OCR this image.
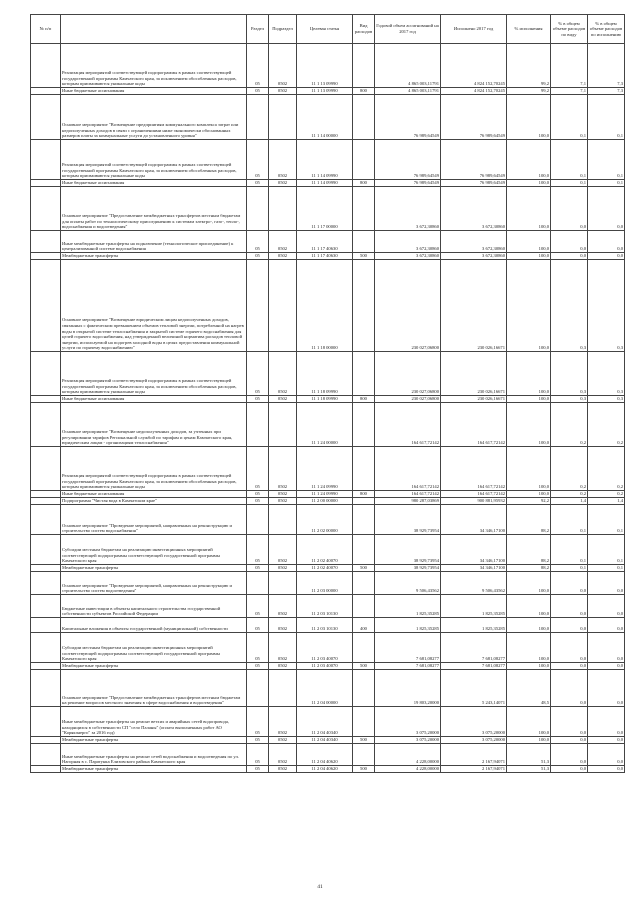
№ п/п		Раздел	Подраздел	Целевая статья	Вид расходов	Годовой объем ассигнований на 2017 год	Исполнено 2017 год	% исполнения	% в общем объеме расходов по виду	% в общем объеме расходов по исполнению
	Реализация мероприятий соответствующей подпрограммы в рамках соответствующей государственной программы Камчатского края, за исключением обособленных расходов, которым присваиваются уникальные коды	05	0502	11 1 13 09990		4 865 003,11791	4 824 152,70245	99,2	7,1	7,3
	Иные бюджетные ассигнования	05	0502	11 1 13 09990	800	4 865 003,11791	4 824 152,70245	99,2	7,1	7,3
	Основное мероприятие "Возмещение предприятиям коммунального комплекса затрат или недополученных доходов в связи с ограничениями ниже экономически обоснованных размеров платы за коммунальные услуги до установленного уровня"			11 1 14 00000		76 989,64549	76 989,64549	100,0	0,1	0,1
	Реализация мероприятий соответствующей подпрограммы в рамках соответствующей государственной программы Камчатского края, за исключением обособленных расходов, которым присваиваются уникальные коды	05	0502	11 1 14 09990		76 989,64549	76 989,64549	100,0	0,1	0,1
	Иные бюджетные ассигнования	05	0502	11 1 14 09990	800	76 989,64549	76 989,64549	100,0	0,1	0,1
	Основное мероприятие "Предоставление межбюджетных трансфертов местным бюджетам для оплаты работ по технологическому присоединению к системам электро-, газо-, тепло-, водоснабжения и водоотведения"			11 1 17 00000		3 672,30860	3 672,30860	100,0	0,0	0,0
	Иные межбюджетные трансферты на подключение (технологическое присоединение) к централизованной системе водоснабжения	05	0502	11 1 17 40630		3 672,30860	3 672,30860	100,0	0,0	0,0
	Межбюджетные трансферты	05	0502	11 1 17 40630	500	3 672,30860	3 672,30860	100,0	0,0	0,0
	Основное мероприятие "Возмещение юридическим лицам недополученных доходов, связанных с фактическим превышением объемов тепловой энергии, потребленной на нагрев воды в открытой системе теплоснабжения и закрытой системе горячего водоснабжения для целей горячего водоснабжения, над утвержденной величиной норматива расходов тепловой энергии, используемой на подогрев холодной воды в целях предоставления коммунальной услуги по горячему водоснабжению"			11 1 18 00000		230 027,06800	230 026,16671	100,0	0,3	0,3
	Реализация мероприятий соответствующей подпрограммы в рамках соответствующей государственной программы Камчатского края, за исключением обособленных расходов, которым присваиваются уникальные коды	05	0502	11 1 18 09990		230 027,06800	230 026,16671	100,0	0,3	0,3
	Иные бюджетные ассигнования	05	0502	11 1 18 09990	800	230 027,06800	230 026,16671	100,0	0,3	0,3
	Основное мероприятие "Возмещение недополученных доходов, за учтенных при регулировании тарифов Региональной службой по тарифам и ценам Камчатского края, юридическим лицам - организациям теплоснабжения"			11 1 24 00000		164 617,72142	164 617,72142	100,0	0,2	0,2
	Реализация мероприятий соответствующей подпрограммы в рамках соответствующей государственной программы Камчатского края, за исключением обособленных расходов, которым присваиваются уникальные коды	05	0502	11 1 24 09990		164 617,72142	164 617,72142	100,0	0,2	0,2
	Иные бюджетные ассигнования	05	0502	11 1 24 09990	800	164 617,72142	164 617,72142	100,0	0,2	0,2
	Подпрограмма "Чистая вода в Камчатском крае"	05	0502	11 2 00 00000		980 287,03869	900 881,95932	92,2	1,4	1,4
	Основное мероприятие "Проведение мероприятий, направленных на реконструкцию и строительство систем водоснабжения"			11 2 02 00000		38 929,73954	34 346,17100	88,2	0,1	0,1
	Субсидии местным бюджетам на реализацию инвестиционных мероприятий соответствующей подпрограммы соответствующей государственной программы Камчатского края	05	0502	11 2 02 40070		38 929,73954	34 346,17100	88,2	0,1	0,1
	Межбюджетные трансферты	05	0502	11 2 02 40070	500	38 929,73954	34 346,17100	88,2	0,1	0,1
	Основное мероприятие "Проведение мероприятий, направленных на реконструкцию и строительство систем водоотведения"			11 2 03 00000		9 506,43562	9 506,43562	100,0	0,0	0,0
	Бюджетные инвестиции в объекты капитального строительства государственной собственности субъектов Российской Федерации	05	0502	11 2 03 10130		1 825,35285	1 825,35285	100,0	0,0	0,0
	Капитальные вложения в объекты государственной (муниципальной) собственности	05	0502	11 2 03 10130	400	1 825,35285	1 825,35285	100,0	0,0	0,0
	Субсидии местным бюджетам на реализацию инвестиционных мероприятий соответствующей подпрограммы соответствующей государственной программы Камчатского края	05	0502	11 2 03 40070		7 681,08277	7 681,08277	100,0	0,0	0,0
	Межбюджетные трансферты	05	0502	11 2 03 40070	500	7 681,08277	7 681,08277	100,0	0,0	0,0
	Основное мероприятие "Предоставление межбюджетных трансфертов местным бюджетам на решение вопросов местного значения в сфере водоснабжения и водоотведения"			11 2 04 00000		19 803,20000	5 243,14071	48,5	0,0	0,0
	Иные межбюджетные трансферты на ремонт ветхих и аварийных сетей водопровода, находящихся в собственности СП "село Паланы" (оплата выполненных работ АО "Корякэнерго" за 2016 год)	05	0502	11 2 04 40340		3 075,20000	3 075,20000	100,0	0,0	0,0
	Межбюджетные трансферты	05	0502	11 2 04 40340	500	3 075,20000	3 075,20000	100,0	0,0	0,0
	Иные межбюджетные трансферты на ремонт сетей водоснабжения и водоотведения по ул. Нагорная в с. Паратунка Елизовского района Камчатского края	05	0502	11 2 04 40620		4 228,00000	2 167,94071	51,3	0,0	0,0
	Межбюджетные трансферты	05	0502	11 2 04 40620	500	4 228,00000	2 167,94071	51,3	0,0	0,0
41
